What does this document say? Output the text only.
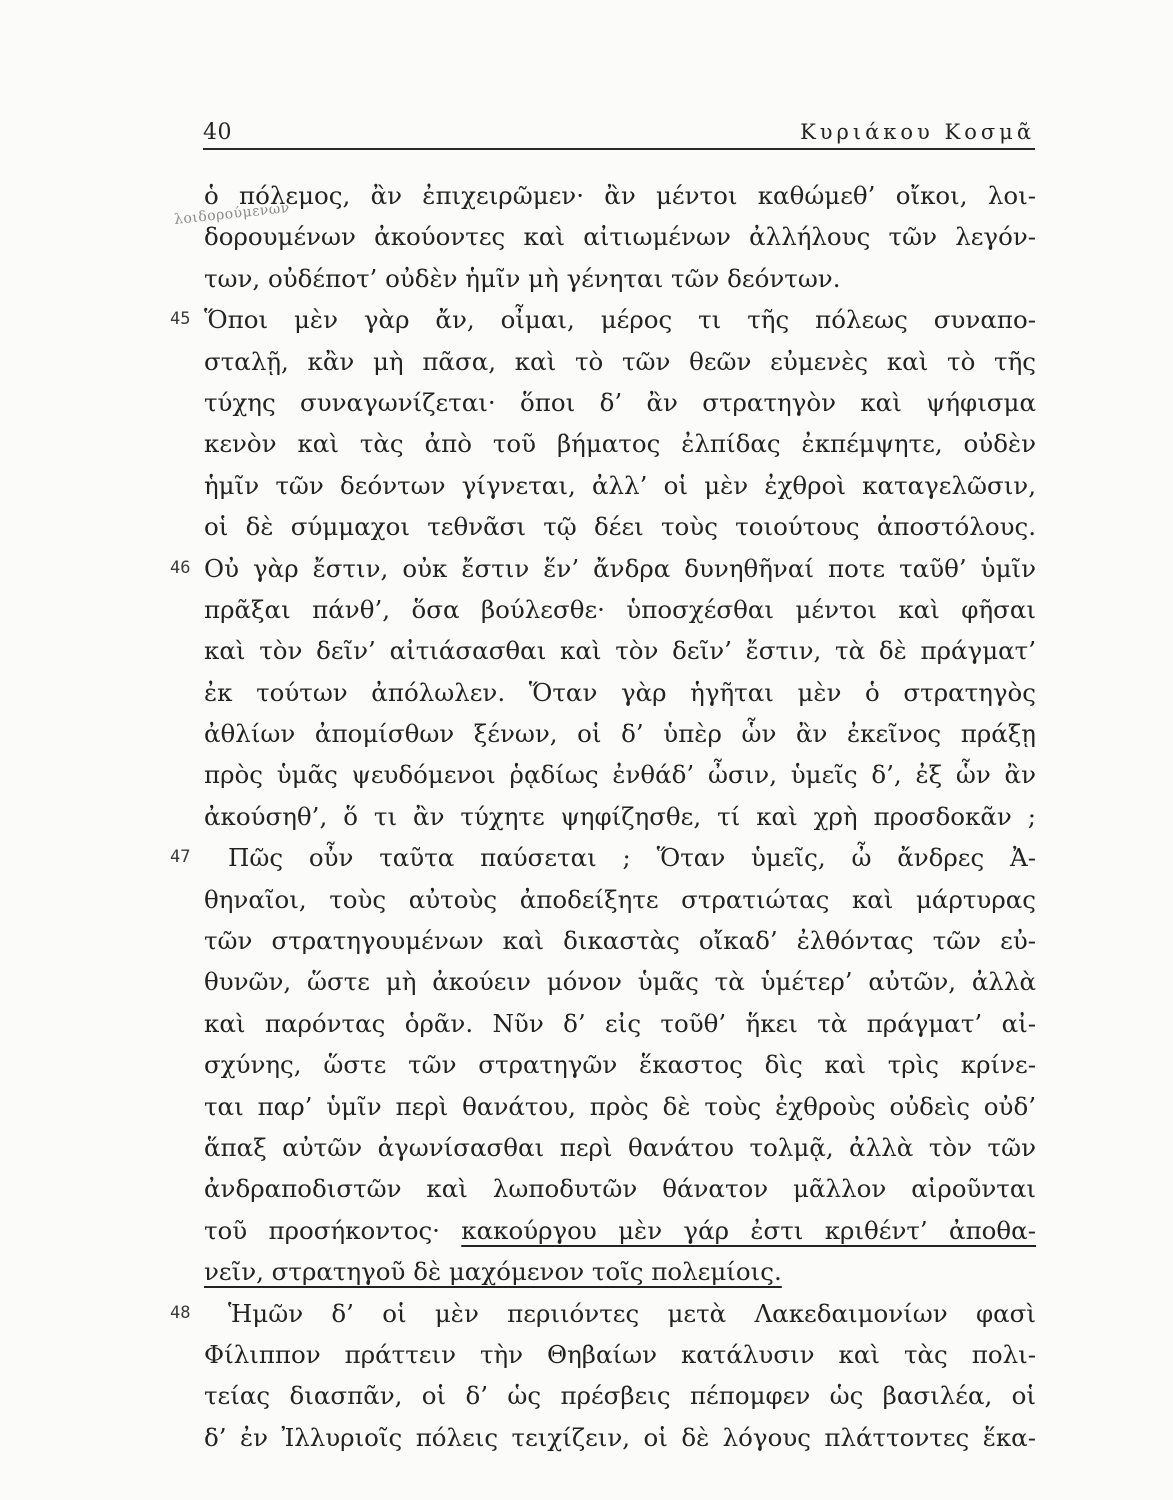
40	Κυριάκου Κοσμᾶ
λοιδορούμενων
ὁ πόλεμος, ἂν ἐπιχειρῶμεν· ἂν μέντοι καθώμεθ’ οἴκοι, λοι-
δορουμένων ἀκούοντες καὶ αἰτιωμένων ἀλλήλους τῶν λεγόν-
των, οὐδέποτ’ οὐδὲν ἡμῖν μὴ γένηται τῶν δεόντων.
45 Ὅποι μὲν γὰρ ἄν, οἶμαι, μέρος τι τῆς πόλεως συναπο-
σταλῇ, κἂν μὴ πᾶσα, καὶ τὸ τῶν θεῶν εὐμενὲς καὶ τὸ τῆς
τύχης συναγωνίζεται· ὅποι δ’ ἂν στρατηγὸν καὶ ψήφισμα
κενὸν καὶ τὰς ἀπὸ τοῦ βήματος ἐλπίδας ἐκπέμψητε, οὐδὲν
ἡμῖν τῶν δεόντων γίγνεται, ἀλλ’ οἱ μὲν ἐχθροὶ καταγελῶσιν,
οἱ δὲ σύμμαχοι τεθνᾶσι τῷ δέει τοὺς τοιούτους ἀποστόλους.
46 Οὐ γὰρ ἔστιν, οὐκ ἔστιν ἕν’ ἄνδρα δυνηθῆναί ποτε ταῦθ’ ὑμῖν
πρᾶξαι πάνθ’, ὅσα βούλεσθε· ὑποσχέσθαι μέντοι καὶ φῆσαι
καὶ τὸν δεῖν’ αἰτιάσασθαι καὶ τὸν δεῖν’ ἔστιν, τὰ δὲ πράγματ’
ἐκ τούτων ἀπόλωλεν. Ὅταν γὰρ ἡγῆται μὲν ὁ στρατηγὸς
ἀθλίων ἀπομίσθων ξένων, οἱ δ’ ὑπὲρ ὧν ἂν ἐκεῖνος πράξῃ
πρὸς ὑμᾶς ψευδόμενοι ῥᾳδίως ἐνθάδ’ ὦσιν, ὑμεῖς δ’, ἐξ ὧν ἂν
ἀκούσηθ’, ὅ τι ἂν τύχητε ψηφίζησθε, τί καὶ χρὴ προσδοκᾶν ;
47 Πῶς οὖν ταῦτα παύσεται ; Ὅταν ὑμεῖς, ὦ ἄνδρες Ἀ-
θηναῖοι, τοὺς αὐτοὺς ἀποδείξητε στρατιώτας καὶ μάρτυρας
τῶν στρατηγουμένων καὶ δικαστὰς οἴκαδ’ ἐλθόντας τῶν εὐ-
θυνῶν, ὥστε μὴ ἀκούειν μόνον ὑμᾶς τὰ ὑμέτερ’ αὐτῶν, ἀλλὰ
καὶ παρόντας ὁρᾶν. Νῦν δ’ εἰς τοῦθ’ ἥκει τὰ πράγματ’ αἰ-
σχύνης, ὥστε τῶν στρατηγῶν ἕκαστος δὶς καὶ τρὶς κρίνε-
ται παρ’ ὑμῖν περὶ θανάτου, πρὸς δὲ τοὺς ἐχθροὺς οὐδεὶς οὐδ’
ἅπαξ αὐτῶν ἀγωνίσασθαι περὶ θανάτου τολμᾷ, ἀλλὰ τὸν τῶν
ἀνδραποδιστῶν καὶ λωποδυτῶν θάνατον μᾶλλον αἱροῦνται
τοῦ προσήκοντος· κακούργου μὲν γάρ ἐστι κριθέντ’ ἀποθα-
νεῖν, στρατηγοῦ δὲ μαχόμενον τοῖς πολεμίοις.
48 Ἡμῶν δ’ οἱ μὲν περιιόντες μετὰ Λακεδαιμονίων φασὶ
Φίλιππον πράττειν τὴν Θηβαίων κατάλυσιν καὶ τὰς πολι-
τείας διασπᾶν, οἱ δ’ ὡς πρέσβεις πέπομφεν ὡς βασιλέα, οἱ
δ’ ἐν Ἰλλυριοῖς πόλεις τειχίζειν, οἱ δὲ λόγους πλάττοντες ἕκα-
